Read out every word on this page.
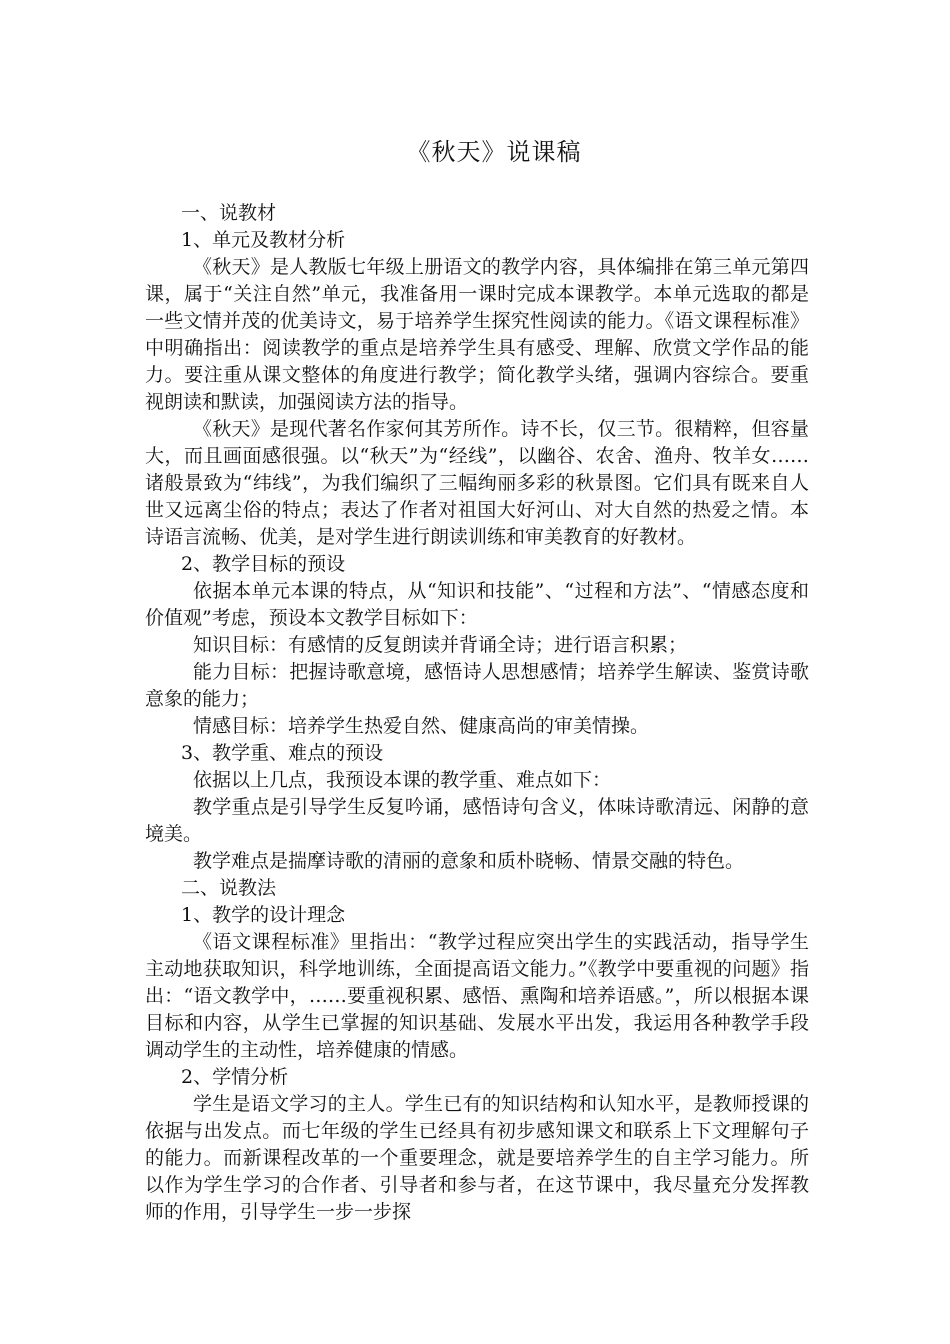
《秋天》说课稿

一、说教材

1、单元及教材分析

《秋天》是人教版七年级上册语文的教学内容，具体编排在第三单元第四课，属于“关注自然”单元，我准备用一课时完成本课教学。本单元选取的都是一些文情并茂的优美诗文，易于培养学生探究性阅读的能力。《语文课程标准》中明确指出：阅读教学的重点是培养学生具有感受、理解、欣赏文学作品的能力。要注重从课文整体的角度进行教学；简化教学头绪，强调内容综合。要重视朗读和默读，加强阅读方法的指导。

《秋天》是现代著名作家何其芳所作。诗不长，仅三节。很精粹，但容量大，而且画面感很强。以“秋天”为“经线”，以幽谷、农舍、渔舟、牧羊女……诸般景致为“纬线”，为我们编织了三幅绚丽多彩的秋景图。它们具有既来自人世又远离尘俗的特点；表达了作者对祖国大好河山、对大自然的热爱之情。本诗语言流畅、优美，是对学生进行朗读训练和审美教育的好教材。

2、教学目标的预设

依据本单元本课的特点，从“知识和技能”、“过程和方法”、“情感态度和价值观”考虑，预设本文教学目标如下：

知识目标：有感情的反复朗读并背诵全诗；进行语言积累；

能力目标：把握诗歌意境，感悟诗人思想感情；培养学生解读、鉴赏诗歌意象的能力；

情感目标：培养学生热爱自然、健康高尚的审美情操。

3、教学重、难点的预设

依据以上几点，我预设本课的教学重、难点如下：

教学重点是引导学生反复吟诵，感悟诗句含义，体味诗歌清远、闲静的意境美。

教学难点是揣摩诗歌的清丽的意象和质朴晓畅、情景交融的特色。

二、说教法

1、教学的设计理念

《语文课程标准》里指出：“教学过程应突出学生的实践活动，指导学生主动地获取知识，科学地训练，全面提高语文能力。”《教学中要重视的问题》指出：“语文教学中，……要重视积累、感悟、熏陶和培养语感。”，所以根据本课目标和内容，从学生已掌握的知识基础、发展水平出发，我运用各种教学手段调动学生的主动性，培养健康的情感。

2、学情分析

学生是语文学习的主人。学生已有的知识结构和认知水平，是教师授课的依据与出发点。而七年级的学生已经具有初步感知课文和联系上下文理解句子的能力。而新课程改革的一个重要理念，就是要培养学生的自主学习能力。所以作为学生学习的合作者、引导者和参与者，在这节课中，我尽量充分发挥教师的作用，引导学生一步一步探
